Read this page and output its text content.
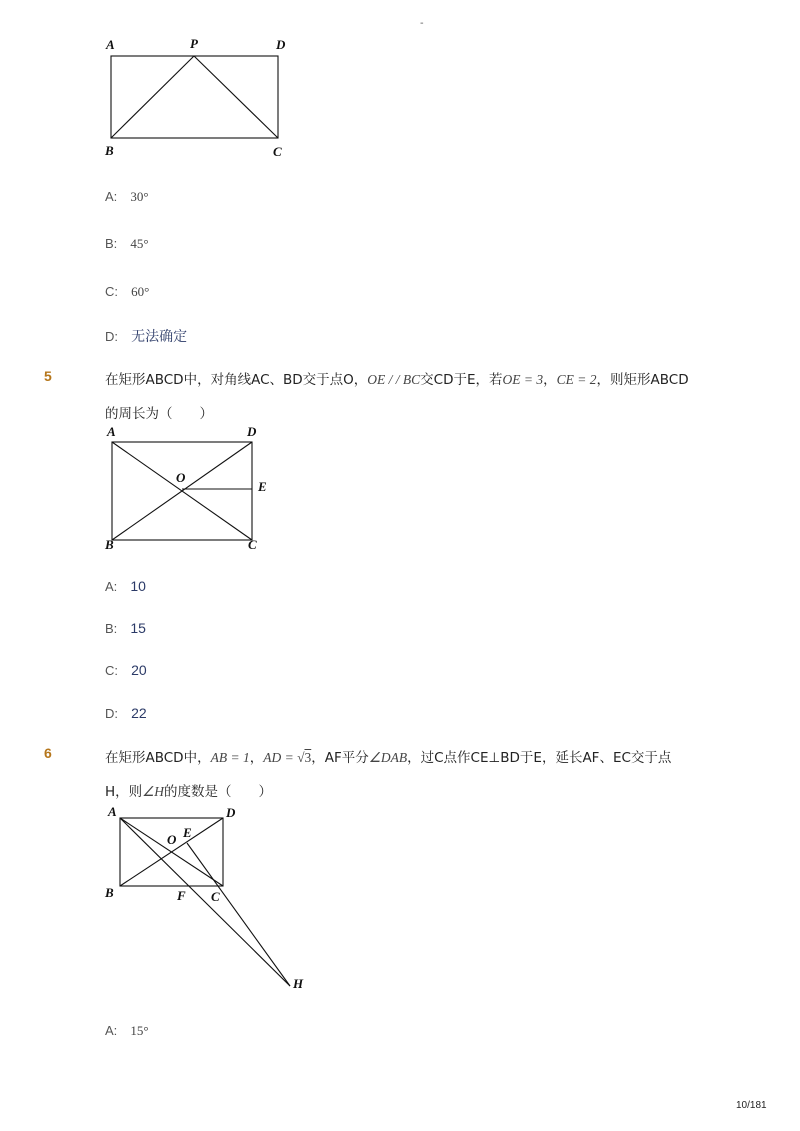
-
A	P	D
B	C
A: 30°
B: 45°
C: 60°
D: 无法确定
5	在矩形ABCD中，对角线AC、BD交于点O，OE / / BC交CD于E，若OE = 3，CE = 2，则矩形ABCD
的周长为（　　）
A	D
O
E
B	C
A: 10
B: 15
C: 20
D: 22
6	在矩形ABCD中，AB = 1，AD = √3，AF平分∠DAB，过C点作CE⊥BD于E，延长AF、EC交于点
H，则∠H的度数是（　　）
A	D
O E
B	F C
H
A: 15°
10/181
